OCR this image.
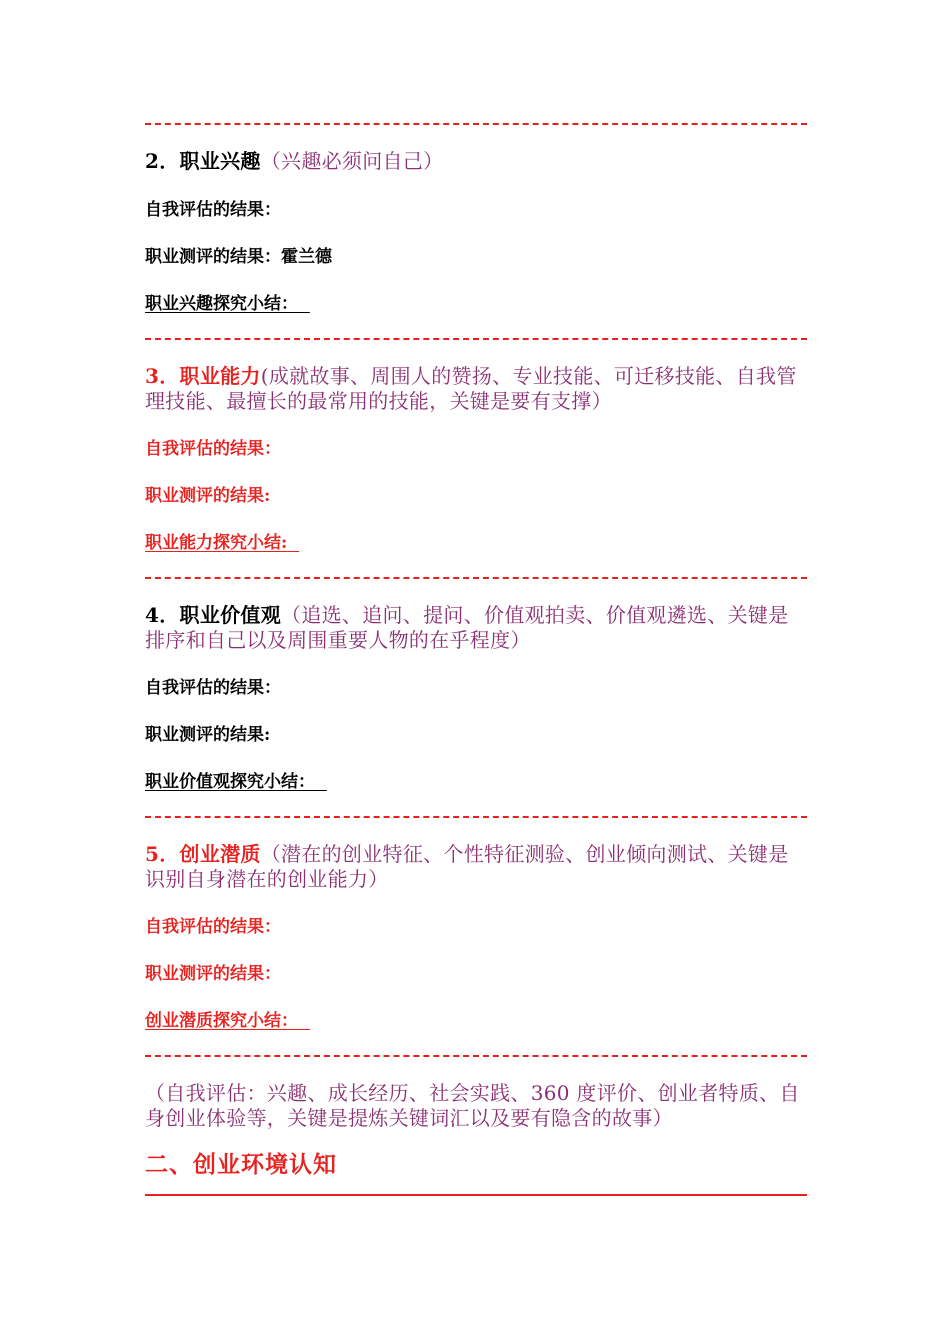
2．职业兴趣（兴趣必须问自己）
自我评估的结果：
职业测评的结果：霍兰德
职业兴趣探究小结：
3．职业能力(成就故事、周围人的赞扬、专业技能、可迁移技能、自我管理技能、最擅长的最常用的技能，关键是要有支撑）
自我评估的结果：
职业测评的结果:
职业能力探究小结:
4．职业价值观（追选、追问、提问、价值观拍卖、价值观遴选、关键是排序和自己以及周围重要人物的在乎程度）
自我评估的结果：
职业测评的结果:
职业价值观探究小结：
5．创业潜质（潜在的创业特征、个性特征测验、创业倾向测试、关键是识别自身潜在的创业能力）
自我评估的结果：
职业测评的结果：
创业潜质探究小结：
（自我评估：兴趣、成长经历、社会实践、360 度评价、创业者特质、自身创业体验等，关键是提炼关键词汇以及要有隐含的故事）
二、创业环境认知
